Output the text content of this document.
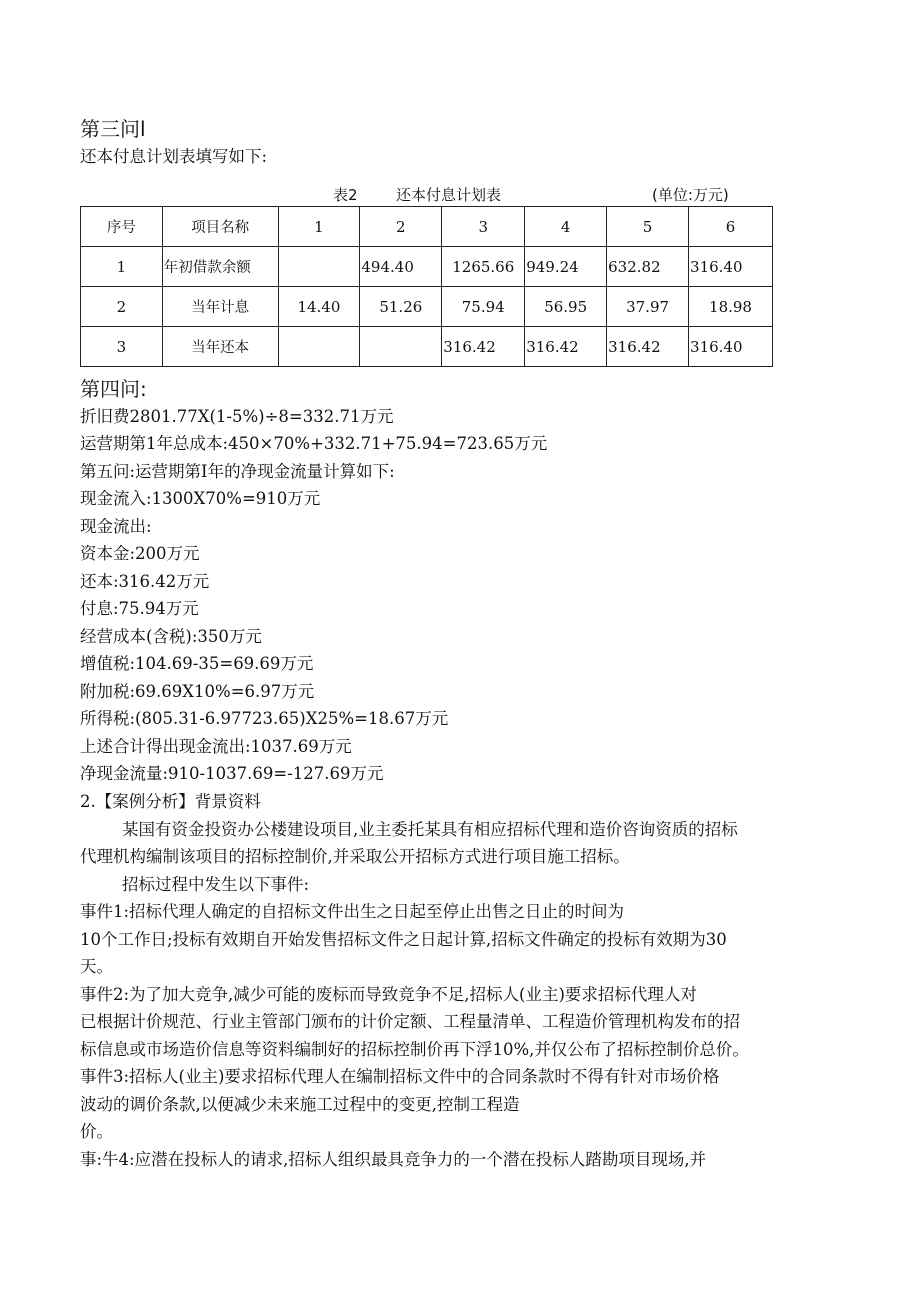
第三问l
还本付息计划表填写如下:
表2	还本付息计划表	(单位:万元)
序号	项目名称	1	2	3	4	5	6
1	年初借款余额		494.40	1265.66	949.24	632.82	316.40
2	当年计息	14.40	51.26	75.94	56.95	37.97	18.98
3	当年还本			316.42	316.42	316.42	316.40
第四问:
折旧费2801.77X(1-5%)÷8=332.71万元
运营期第1年总成本:450×70%+332.71+75.94=723.65万元
第五问:运营期第I年的净现金流量计算如下:
现金流入:1300X70%=910万元
现金流出:
资本金:200万元
还本:316.42万元
付息:75.94万元
经营成本(含税):350万元
增值税:104.69-35=69.69万元
附加税:69.69X10%=6.97万元
所得税:(805.31-6.97723.65)X25%=18.67万元
上述合计得出现金流出:1037.69万元
净现金流量:910-1037.69=-127.69万元
2.【案例分析】背景资料
某国有资金投资办公楼建设项目,业主委托某具有相应招标代理和造价咨询资质的招标
代理机构编制该项目的招标控制价,并采取公开招标方式进行项目施工招标。
招标过程中发生以下事件:
事件1:招标代理人确定的自招标文件出生之日起至停止出售之日止的时间为
10个工作日;投标有效期自开始发售招标文件之日起计算,招标文件确定的投标有效期为30
天。
事件2:为了加大竞争,减少可能的废标而导致竞争不足,招标人(业主)要求招标代理人对
已根据计价规范、行业主管部门颁布的计价定额、工程量清单、工程造价管理机构发布的招
标信息或市场造价信息等资料编制好的招标控制价再下浮10%,并仅公布了招标控制价总价。
事件3:招标人(业主)要求招标代理人在编制招标文件中的合同条款时不得有针对市场价格
波动的调价条款,以便减少未来施工过程中的变更,控制工程造
价。
事:牛4:应潜在投标人的请求,招标人组织最具竞争力的一个潜在投标人踏勘项目现场,并
